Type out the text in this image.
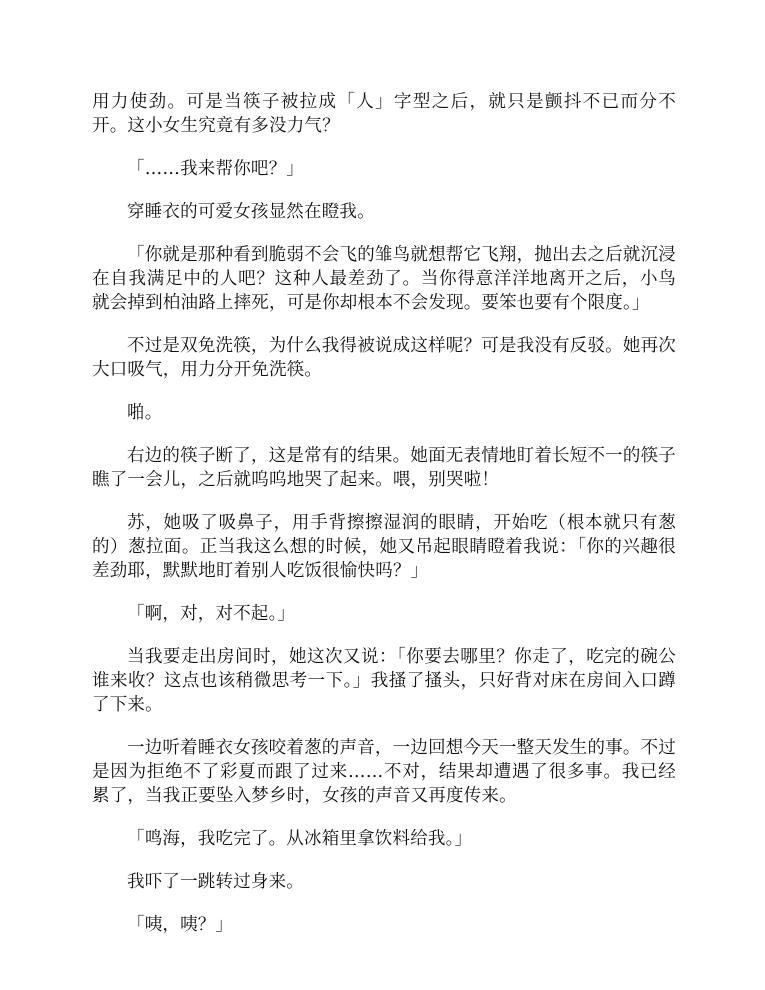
用力使劲。可是当筷子被拉成「人」字型之后，就只是颤抖不已而分不开。这小女生究竟有多没力气？

「……我来帮你吧？」

穿睡衣的可爱女孩显然在瞪我。

「你就是那种看到脆弱不会飞的雏鸟就想帮它飞翔，抛出去之后就沉浸在自我满足中的人吧？这种人最差劲了。当你得意洋洋地离开之后，小鸟就会掉到柏油路上摔死，可是你却根本不会发现。要笨也要有个限度。」

不过是双免洗筷，为什么我得被说成这样呢？可是我没有反驳。她再次大口吸气，用力分开免洗筷。

啪。

右边的筷子断了，这是常有的结果。她面无表情地盯着长短不一的筷子瞧了一会儿，之后就呜呜地哭了起来。喂，别哭啦！

苏，她吸了吸鼻子，用手背擦擦湿润的眼睛，开始吃（根本就只有葱的）葱拉面。正当我这么想的时候，她又吊起眼睛瞪着我说：「你的兴趣很差劲耶，默默地盯着别人吃饭很愉快吗？」

「啊，对，对不起。」

当我要走出房间时，她这次又说：「你要去哪里？你走了，吃完的碗公谁来收？这点也该稍微思考一下。」我搔了搔头，只好背对床在房间入口蹲了下来。

一边听着睡衣女孩咬着葱的声音，一边回想今天一整天发生的事。不过是因为拒绝不了彩夏而跟了过来……不对，结果却遭遇了很多事。我已经累了，当我正要坠入梦乡时，女孩的声音又再度传来。

「鸣海，我吃完了。从冰箱里拿饮料给我。」

我吓了一跳转过身来。

「咦，咦？」
